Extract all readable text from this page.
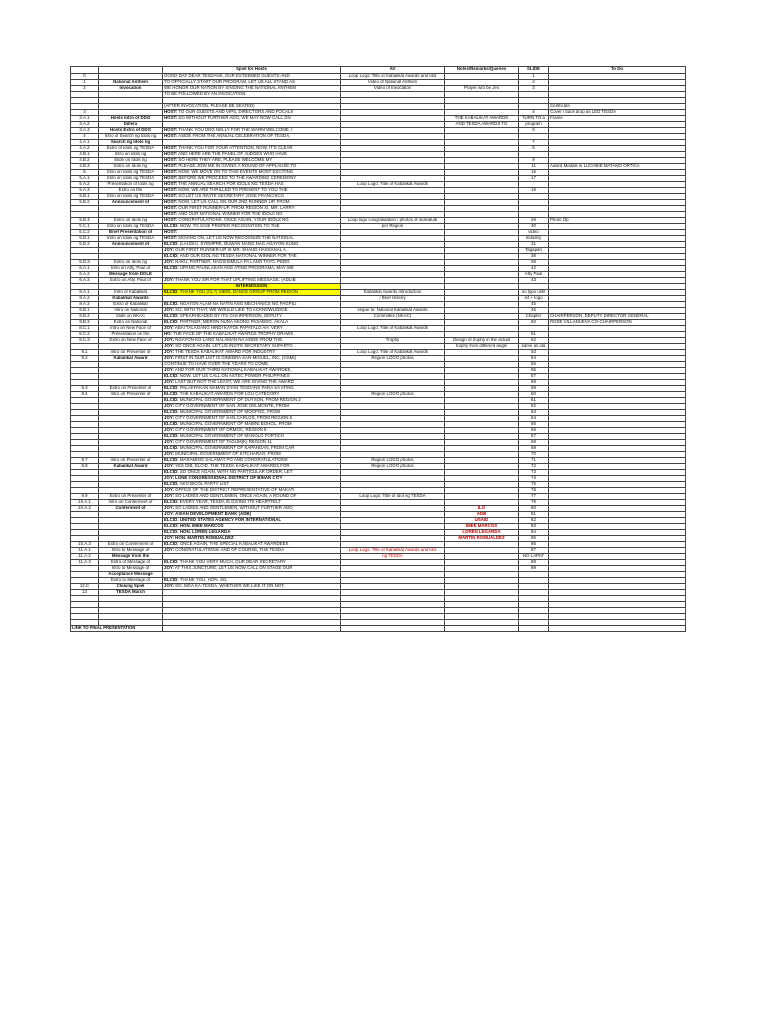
		Spiel for Hosts	AV	Notes/Remarks/Queries	SLIDE	To Do
0		GOOD DAY DEAR TESDANS, OUR ESTEEMED GUESTS AND	Loop Logo: Title of Kabalikat Awards and Idol		1	
1	National Anthem	TO OFFICIALLY START OUR PROGRAM, LET US ALL STAND AS	Video of National Anthem		2	
2	Invocation	WE HONOR OUR NATION BY SINGING THE NATIONAL ANTHEM	Video of Invocation	Prayer w/o be Jes	3	
		TO BE FOLLOWED BY AN INVOCATION.				

		(AFTER INVOCATION, PLEASE BE SEATED)				Certificate
3		HOST: TO OUR GUESTS AND VIPS, DIRECTORS AND FOCALS			4	Cover / back drop as LED TESDA
3.A.1	Hosts Intro of DDG	HOST: SO WITHOUT FURTHER ADO, WE MAY NOW CALL ON		THE KABALIKAT AWARDS	TURN TO a	Frame
3.A.2	Dillera			AND TESDA AWARDS TO	program	
3.A.3	Hosts Extro of DDG	HOST: THANK YOU DDG NELLY FOR THE WARM WELCOME. I			6	
4	Intro of Search ng Idols ng	HOST: ASIDE FROM THE ANNUAL CELEBRATION OF TESDA,				
4.A.1	Search ng Idols ng				7	
4.A.2	Extro of Idols ng TESDA	HOST: THANK YOU FOR YOUR ATTENTION. NOW, IT'S CLEAR			8	
4.B.1	Intro on Idols ng	HOST: AND HERE ARE THE PANEL OF JUDGES WHO HAVE				
4.B.2	Slide on Idols ng	HOST: SO HERE THEY ARE, PLEASE WELCOME MY			9	
4.B.3	Extro on Idols ng	HOST: PLEASE JOIN ME IN GIVING A ROUND OF APPLAUSE TO			11	Award Medals in LUCHBIE MATANO ORTICA
5	Intro on Idols ng TESDA	HOST: NOW, WE MOVE ON TO THIS EVENTS MOST EXCITING			16	
5.A.1	Intro on Idols ng TESDA	HOST: BEFORE WE PROCEED TO THE AWARDING CEREMONY			17	
5.A.2	Presentation of Idols ng	HOST: THE ANNUAL SEARCH FOR IDOLS NG TESDA HAS	Loop Logo: Title of Kabalikat Awards			
5.A.3	Extro on the	HOST: NOW, WE ARE THRILLED TO PRESENT TO YOU THE			18	
5.B.1	Intro on Idols ng TESDA	HOST: SO LET US INVITE SECRETARY JOSE FRANCISCO				
5.B.2	Announcement of	HOST: NOW, LET US CALL ON OUR 2ND RUNNER UP, FROM				
		HOST: OUR FIRST RUNNER-UP, FROM REGION XI, MR. LARRY				
		HOST: AND OUR NATIONAL WINNER FOR THE IDOLS NG				
5.B.3	Extro on Idols ng	HOST: CONGRATULATIONS. ONCE AGAIN, YOUR IDOLS NG	Loop logo congratulation / photos of individual		29	Photo Op
5.C.1	Intro on Idols ng TESDA	ELCID: NOW, TO GIVE PROPER RECOGNITION TO THE	per Region		30	
5.C.2	Brief Presentation of	HOST:			video	
5.D.1	Intro on Idols ng TESDA	HOST: MOVING ON, LET US NOW RECOGNIZE THE NATIONAL			Industry	
5.D.2	Announcement of	ELCID: (LAUGH). SYEMPRE, BUWAN NANG NAG AGAYON KUNG			31	
		JOY: OUR FIRST RUNNER-UP IS MR. SHAHD HASSANAL A.			Tagapan	
		ELCID: AND OUR IDOL NG TESDA NATIONAL WINNER FOR THE			38	
5.D.3	Extro on Idols ng	JOY: NAKU, PARTNER, NAGSISIMULA PA LANG TAYO. PERO			39	
6.A.1	Intro on Atty. Paul of	ELCID: UPANG PAUNLAKAN ANG ATING PROGRAMA, MAY WE			42	
6.A.2	Message from DOLE				Atty Paul	
6.A.3	Extro on Atty. Paul of	JOY: THANK YOU SIR FOR THAT UPLIFTING MESSAGE. (ADLIB			43	
		INTERMISSION				
8.A.1	Intro of Kabalikat	ELCID: THANK YOU (CL?) SIBOL DANCE GROUP FROM REGION	Kabalikat Awards Introduction		no typo until	
8.A.2	Kabalikat Awards		/ Brief History		44 + logo	
8.A.3	Extro of Kabalikat	ELCID: NGAYON ALAM NA NATIN ANG MECHANICS NG PAGPILI			45	
8.B.1	Intro on National	JOY: SO, WITH THAT, WE WOULD LIKE TO ACKNOWLEDGE	segue to: National Kabalikat Awards		46	
8.B.2	Slide on NKAC	ELCID: SPEARHEADED BY ITS CHAIRPERSON, DEPUTY	Committee (NKAC)		Chapter	CHAIRPERSON, DEPUTY DIRECTOR GENERAL
8.B.3	Extro on National	ELCID: PARTNER, MERON NUNA AKONG PASABOG. AKALA			50	ROSE VILLANUEVA CO-CHAIRPERSON
8.C.1	Intro on New Face of	JOY: ABAI TALAGANG HINDI KAYOn PAPATALO AH. VERY	Loop Logo: Title of Kabalikat Awards			
8.C.2	Presentation on the	HO: THE FACE OF THE KABALIKAT AWARDS TROPHY DRAWS			51	
8.C.3	Extro on New Face of	JOY: NGAYON KO LANG NALAMAN NA ASIDE FROM THE	Trophy	Design of trophy in the actual	52	
		JOY: SO ONCE AGAIN, LET US INVITE SECRETARY SUPARTO		trophy from different angle	same as ida	
9.1	Intro on Presenter of	JOY: THE TESDA KABALIKAT AWARD FOR INDUSTRY	Loop Logo: Title of Kabalikat Awards		53	
9.2	Kabalikat Award	JOY: FIRST IN OUR LIST IS GINEBRA SAN-MIGUEL, INC. (GSMI)	Region LOGO photos		54	
		CONTINUE TO HAVE OVER THE YEARS TO COME.			55	
		JOY: AND FOR OUR THIRD NATIONAL KABALIKAT AWARDEE,			56	
		ELCID: NOW, LET US CALL ON ASTEC POWER PHILIPPINES			57	
		JOY: LAST BUT NOT THE LEAST, WE ARE GIVING THE AWARD			58	
9.3	Extro on Presenter of	ELCID: PALAKPAKAN NAMAN DYAN TESDANS PARA SA ATING			59	
9.4	Intro on Presenter of	ELCID: THE KABALIKAT AWARDS FOR LGU CATEGORY	Region LOGO photos		60	
		ELCID: MUNICIPAL GOVERNMENT OF DUYSON, FROM REGION 2			61	
		JOY: CITY GOVERNMENT OF SAN JOSE DELMONTE, FROM			62	
		ELCID: MUNICIPAL GOVERNMENT OF MOGPOG, FROM			63	
		JOY: CITY GOVERNMENT OF SAN CARLOS, FROM REGION 6			64	
		ELCID: MUNICIPAL GOVERNMENT OF MABINI BOHOL, FROM			65	
		JOY: CITY GOVERNMENT OF ORMOC, REGION 8			66	
		ELCID: MUNICIPAL GOVERNMENT OF MANOLO FORTICH			67	
		JOY: CITY GOVERNMENT OF TAGUM(K) REGION 11			68	
		ELCID: MUNICIPAL GOVERNMENT OF KAPANGAN, FROM CAR			69	
		JOY: MUNICIPAL GOVERNMENT OF KITCHARAO, FROM			70	
9.7	Intro on Presenter of	ELCID: MARAMING SALAMAT PO AND CONGRATULATIONS	Region LOGO photos		71	
9.8	Kabalikat Award	JOY: YES DIB, ELCID. THE TESDA KABALIKAT AWARDS FOR	Region LOGO photos		72	
		ELCID: SO ONCE AGAIN, WITH NO PARTICULAR ORDER, LET			73	
		JOY: LONE CONGRESSIONAL DISTRICT OF BINAN CITY			74	
		ELCID: AKO BICOL PARTY LIST			75	
		JOY: OFFICE OF THE DISTRICT REPRESENTATIVE OF MAKATI			76	
9.9	Extro on Presenter of	JOY: SO LADIES AND GENTLEMEN, ONCE AGAIN, A ROUND OF	Loop Logo: Title of Idol ng TESDA		77	
10.A.1	Intro on Conferment of	ELCID: EVERY YEAR, TESDA IS GIVING ITS HEARTFELT			79	
10.A.2	Conferment of	JOY: SO LADIES AND GENTLEMEN, WITHOUT FURTHER ADO		ILO	80	
		JOY: ASIAN DEVELOPMENT BANK (ADB)		ADB	81	
		ELCID: UNITED STATES AGENCY FOR INTERNATIONAL		USAID	82	
		ELCID: HON. IMEE MARCOS		IMEE MARCOS	83	
		ELCID: HON. LOREN LEGARDA		LOREN LEGARDA	84	
		JOY: HON. MARTIN ROMUALDEZ		MARTIN ROMUALDEZ	85	
10.A.3	Extro on Conferment of	ELCID: ONCE AGAIN, THE SPECIAL KABALIKAT AWARDEES			86	
11.A.1	Intro to Message of	JOY: CONGRATULATIONS! AND OF COURSE, THE TESDA	Loop Logo: Title of Kabalikat Awards and Idol		87	
11.A.2	Message from the		ng TESDA		NO LAPAT	
11.A.3	Extro of Message of	ELCID: THANK YOU VERY MUCH, OUR DEAR SECRETARY			88	
	Intro to Message of	JOY: AT THIS JUNCTURE, LET US NOW CALL ON STAGE OUR			89	
	Acceptance Message					
	Extro to Message of	ELCID: THANK YOU, HON. SO,				
12.C	Closing Spiel	JOY: SO, MGA KA-TESDA, WHETHER WE LIKE IT OR NOT,				
13	TESDA March					

LINK TO FINAL PRESENTATION						
